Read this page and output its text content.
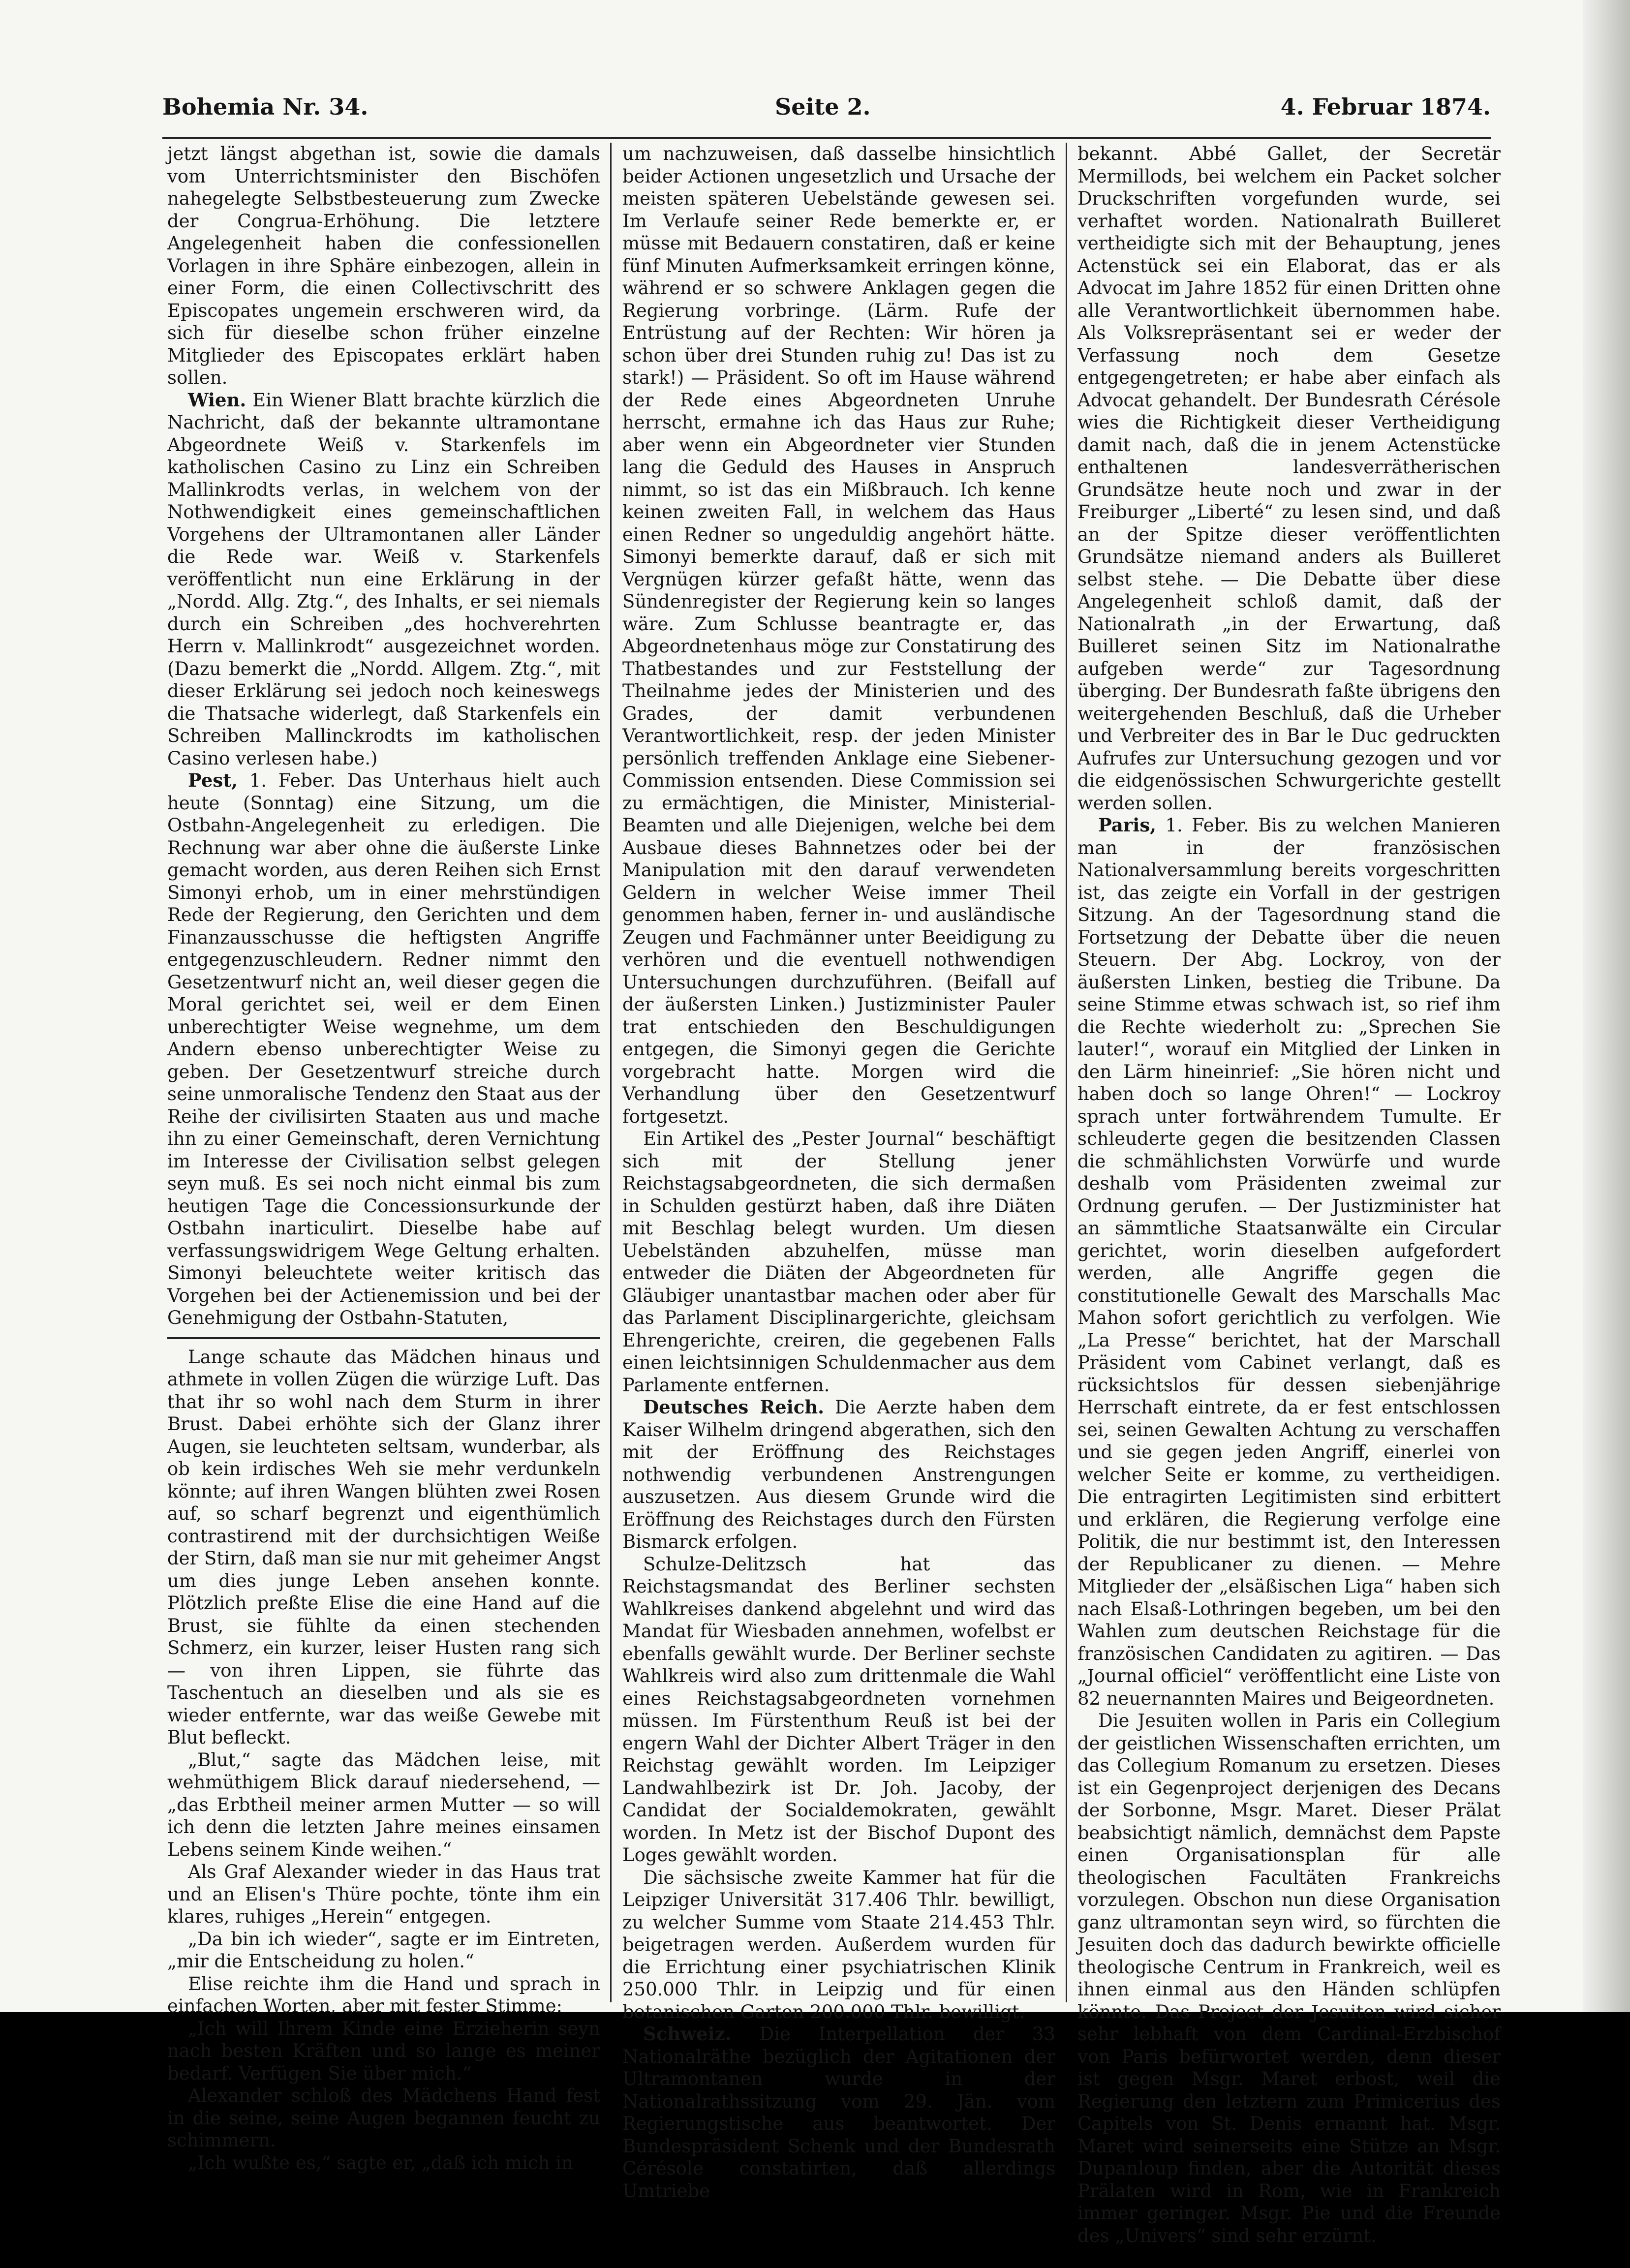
Bohemia Nr. 34.	Seite 2.	4. Februar 1874.

jetzt längst abgethan ist, sowie die damals vom Unterrichtsminister den Bischöfen nahegelegte Selbstbesteuerung zum Zwecke der Congrua-Erhöhung. Die letztere Angelegenheit haben die confessionellen Vorlagen in ihre Sphäre einbezogen, allein in einer Form, die einen Collectivschritt des Episcopates ungemein erschweren wird, da sich für dieselbe schon früher einzelne Mitglieder des Episcopates erklärt haben sollen.

Wien. Ein Wiener Blatt brachte kürzlich die Nachricht, daß der bekannte ultramontane Abgeordnete Weiß v. Starkenfels im katholischen Casino zu Linz ein Schreiben Mallinkrodts verlas, in welchem von der Nothwendigkeit eines gemeinschaftlichen Vorgehens der Ultramontanen aller Länder die Rede war. Weiß v. Starkenfels veröffentlicht nun eine Erklärung in der „Nordd. Allg. Ztg.“, des Inhalts, er sei niemals durch ein Schreiben „des hochverehrten Herrn v. Mallinkrodt“ ausgezeichnet worden. (Dazu bemerkt die „Nordd. Allgem. Ztg.“, mit dieser Erklärung sei jedoch noch keineswegs die Thatsache widerlegt, daß Starkenfels ein Schreiben Mallinckrodts im katholischen Casino verlesen habe.)

Pest, 1. Feber. Das Unterhaus hielt auch heute (Sonntag) eine Sitzung, um die Ostbahn-Angelegenheit zu erledigen. Die Rechnung war aber ohne die äußerste Linke gemacht worden, aus deren Reihen sich Ernst Simonyi erhob, um in einer mehrstündigen Rede der Regierung, den Gerichten und dem Finanzausschusse die heftigsten Angriffe entgegenzuschleudern. Redner nimmt den Gesetzentwurf nicht an, weil dieser gegen die Moral gerichtet sei, weil er dem Einen unberechtigter Weise wegnehme, um dem Andern ebenso unberechtigter Weise zu geben. Der Gesetzentwurf streiche durch seine unmoralische Tendenz den Staat aus der Reihe der civilisirten Staaten aus und mache ihn zu einer Gemeinschaft, deren Vernichtung im Interesse der Civilisation selbst gelegen seyn muß. Es sei noch nicht einmal bis zum heutigen Tage die Concessionsurkunde der Ostbahn inarticulirt. Dieselbe habe auf verfassungswidrigem Wege Geltung erhalten. Simonyi beleuchtete weiter kritisch das Vorgehen bei der Actienemission und bei der Genehmigung der Ostbahn-Statuten,

Lange schaute das Mädchen hinaus und athmete in vollen Zügen die würzige Luft. Das that ihr so wohl nach dem Sturm in ihrer Brust. Dabei erhöhte sich der Glanz ihrer Augen, sie leuchteten seltsam, wunderbar, als ob kein irdisches Weh sie mehr verdunkeln könnte; auf ihren Wangen blühten zwei Rosen auf, so scharf begrenzt und eigenthümlich contrastirend mit der durchsichtigen Weiße der Stirn, daß man sie nur mit geheimer Angst um dies junge Leben ansehen konnte. Plötzlich preßte Elise die eine Hand auf die Brust, sie fühlte da einen stechenden Schmerz, ein kurzer, leiser Husten rang sich — von ihren Lippen, sie führte das Taschentuch an dieselben und als sie es wieder entfernte, war das weiße Gewebe mit Blut befleckt.

„Blut,“ sagte das Mädchen leise, mit wehmüthigem Blick darauf niedersehend, — „das Erbtheil meiner armen Mutter — so will ich denn die letzten Jahre meines einsamen Lebens seinem Kinde weihen.“

Als Graf Alexander wieder in das Haus trat und an Elisen's Thüre pochte, tönte ihm ein klares, ruhiges „Herein“ entgegen.

„Da bin ich wieder“, sagte er im Eintreten, „mir die Entscheidung zu holen.“

Elise reichte ihm die Hand und sprach in einfachen Worten, aber mit fester Stimme:

„Ich will Ihrem Kinde eine Erzieherin seyn nach besten Kräften und so lange es meiner bedarf. Verfügen Sie über mich.“

Alexander schloß des Mädchens Hand fest in die seine, seine Augen begannen feucht zu schimmern.

„Ich wußte es,“ sagte er, „daß ich mich in

um nachzuweisen, daß dasselbe hinsichtlich beider Actionen ungesetzlich und Ursache der meisten späteren Uebelstände gewesen sei. Im Verlaufe seiner Rede bemerkte er, er müsse mit Bedauern constatiren, daß er keine fünf Minuten Aufmerksamkeit erringen könne, während er so schwere Anklagen gegen die Regierung vorbringe. (Lärm. Rufe der Entrüstung auf der Rechten: Wir hören ja schon über drei Stunden ruhig zu! Das ist zu stark!) — Präsident. So oft im Hause während der Rede eines Abgeordneten Unruhe herrscht, ermahne ich das Haus zur Ruhe; aber wenn ein Abgeordneter vier Stunden lang die Geduld des Hauses in Anspruch nimmt, so ist das ein Mißbrauch. Ich kenne keinen zweiten Fall, in welchem das Haus einen Redner so ungeduldig angehört hätte. Simonyi bemerkte darauf, daß er sich mit Vergnügen kürzer gefaßt hätte, wenn das Sündenregister der Regierung kein so langes wäre. Zum Schlusse beantragte er, das Abgeordnetenhaus möge zur Constatirung des Thatbestandes und zur Feststellung der Theilnahme jedes der Ministerien und des Grades, der damit verbundenen Verantwortlichkeit, resp. der jeden Minister persönlich treffenden Anklage eine Siebener-Commission entsenden. Diese Commission sei zu ermächtigen, die Minister, Ministerial-Beamten und alle Diejenigen, welche bei dem Ausbaue dieses Bahnnetzes oder bei der Manipulation mit den darauf verwendeten Geldern in welcher Weise immer Theil genommen haben, ferner in- und ausländische Zeugen und Fachmänner unter Beeidigung zu verhören und die eventuell nothwendigen Untersuchungen durchzuführen. (Beifall auf der äußersten Linken.) Justizminister Pauler trat entschieden den Beschuldigungen entgegen, die Simonyi gegen die Gerichte vorgebracht hatte. Morgen wird die Verhandlung über den Gesetzentwurf fortgesetzt.

Ein Artikel des „Pester Journal“ beschäftigt sich mit der Stellung jener Reichstagsabgeordneten, die sich dermaßen in Schulden gestürzt haben, daß ihre Diäten mit Beschlag belegt wurden. Um diesen Uebelständen abzuhelfen, müsse man entweder die Diäten der Abgeordneten für Gläubiger unantastbar machen oder aber für das Parlament Disciplinargerichte, gleichsam Ehrengerichte, creiren, die gegebenen Falls einen leichtsinnigen Schuldenmacher aus dem Parlamente entfernen.

Deutsches Reich. Die Aerzte haben dem Kaiser Wilhelm dringend abgerathen, sich den mit der Eröffnung des Reichstages nothwendig verbundenen Anstrengungen auszusetzen. Aus diesem Grunde wird die Eröffnung des Reichstages durch den Fürsten Bismarck erfolgen.

Schulze-Delitzsch hat das Reichstagsmandat des Berliner sechsten Wahlkreises dankend abgelehnt und wird das Mandat für Wiesbaden annehmen, wofelbst er ebenfalls gewählt wurde. Der Berliner sechste Wahlkreis wird also zum drittenmale die Wahl eines Reichstagsabgeordneten vornehmen müssen. Im Fürstenthum Reuß ist bei der engern Wahl der Dichter Albert Träger in den Reichstag gewählt worden. Im Leipziger Landwahlbezirk ist Dr. Joh. Jacoby, der Candidat der Socialdemokraten, gewählt worden. In Metz ist der Bischof Dupont des Loges gewählt worden.

Die sächsische zweite Kammer hat für die Leipziger Universität 317.406 Thlr. bewilligt, zu welcher Summe vom Staate 214.453 Thlr. beigetragen werden. Außerdem wurden für die Errichtung einer psychiatrischen Klinik 250.000 Thlr. in Leipzig und für einen botanischen Garten 200.000 Thlr. bewilligt.

Schweiz. Die Interpellation der 33 Nationalräthe bezüglich der Agitationen der Ultramontanen wurde in der Nationalrathssitzung vom 29. Jän. vom Regierungstische aus beantwortet. Der Bundespräsident Schenk und der Bundesrath Cérésole constatirten, daß allerdings Umtriebe

bekannt. Abbé Gallet, der Secretär Mermillods, bei welchem ein Packet solcher Druckschriften vorgefunden wurde, sei verhaftet worden. Nationalrath Builleret vertheidigte sich mit der Behauptung, jenes Actenstück sei ein Elaborat, das er als Advocat im Jahre 1852 für einen Dritten ohne alle Verantwortlichkeit übernommen habe. Als Volksrepräsentant sei er weder der Verfassung noch dem Gesetze entgegengetreten; er habe aber einfach als Advocat gehandelt. Der Bundesrath Cérésole wies die Richtigkeit dieser Vertheidigung damit nach, daß die in jenem Actenstücke enthaltenen landesverrätherischen Grundsätze heute noch und zwar in der Freiburger „Liberté“ zu lesen sind, und daß an der Spitze dieser veröffentlichten Grundsätze niemand anders als Builleret selbst stehe. — Die Debatte über diese Angelegenheit schloß damit, daß der Nationalrath „in der Erwartung, daß Builleret seinen Sitz im Nationalrathe aufgeben werde“ zur Tagesordnung überging. Der Bundesrath faßte übrigens den weitergehenden Beschluß, daß die Urheber und Verbreiter des in Bar le Duc gedruckten Aufrufes zur Untersuchung gezogen und vor die eidgenössischen Schwurgerichte gestellt werden sollen.

Paris, 1. Feber. Bis zu welchen Manieren man in der französischen Nationalversammlung bereits vorgeschritten ist, das zeigte ein Vorfall in der gestrigen Sitzung. An der Tagesordnung stand die Fortsetzung der Debatte über die neuen Steuern. Der Abg. Lockroy, von der äußersten Linken, bestieg die Tribune. Da seine Stimme etwas schwach ist, so rief ihm die Rechte wiederholt zu: „Sprechen Sie lauter!“, worauf ein Mitglied der Linken in den Lärm hineinrief: „Sie hören nicht und haben doch so lange Ohren!“ — Lockroy sprach unter fortwährendem Tumulte. Er schleuderte gegen die besitzenden Classen die schmählichsten Vorwürfe und wurde deshalb vom Präsidenten zweimal zur Ordnung gerufen. — Der Justizminister hat an sämmtliche Staatsanwälte ein Circular gerichtet, worin dieselben aufgefordert werden, alle Angriffe gegen die constitutionelle Gewalt des Marschalls Mac Mahon sofort gerichtlich zu verfolgen. Wie „La Presse“ berichtet, hat der Marschall Präsident vom Cabinet verlangt, daß es rücksichtslos für dessen siebenjährige Herrschaft eintrete, da er fest entschlossen sei, seinen Gewalten Achtung zu verschaffen und sie gegen jeden Angriff, einerlei von welcher Seite er komme, zu vertheidigen. Die entragirten Legitimisten sind erbittert und erklären, die Regierung verfolge eine Politik, die nur bestimmt ist, den Interessen der Republicaner zu dienen. — Mehre Mitglieder der „elsäßischen Liga“ haben sich nach Elsaß-Lothringen begeben, um bei den Wahlen zum deutschen Reichstage für die französischen Candidaten zu agitiren. — Das „Journal officiel“ veröffentlicht eine Liste von 82 neuernannten Maires und Beigeordneten.

Die Jesuiten wollen in Paris ein Collegium der geistlichen Wissenschaften errichten, um das Collegium Romanum zu ersetzen. Dieses ist ein Gegenproject derjenigen des Decans der Sorbonne, Msgr. Maret. Dieser Prälat beabsichtigt nämlich, demnächst dem Papste einen Organisationsplan für alle theologischen Facultäten Frankreichs vorzulegen. Obschon nun diese Organisation ganz ultramontan seyn wird, so fürchten die Jesuiten doch das dadurch bewirkte officielle theologische Centrum in Frankreich, weil es ihnen einmal aus den Händen schlüpfen könnte. Das Project der Jesuiten wird sicher sehr lebhaft von dem Cardinal-Erzbischof von Paris befürwortet werden, denn dieser ist gegen Msgr. Maret erbost, weil die Regierung den letztern zum Primicerius des Capitels von St. Denis ernannt hat. Msgr. Maret wird seinerseits eine Stütze an Msgr. Dupanloup finden, aber die Autorität dieses Prälaten wird in Rom, wie in Frankreich immer geringer. Msgr. Pie und die Freunde des „Univers“ sind sehr erzürnt.
